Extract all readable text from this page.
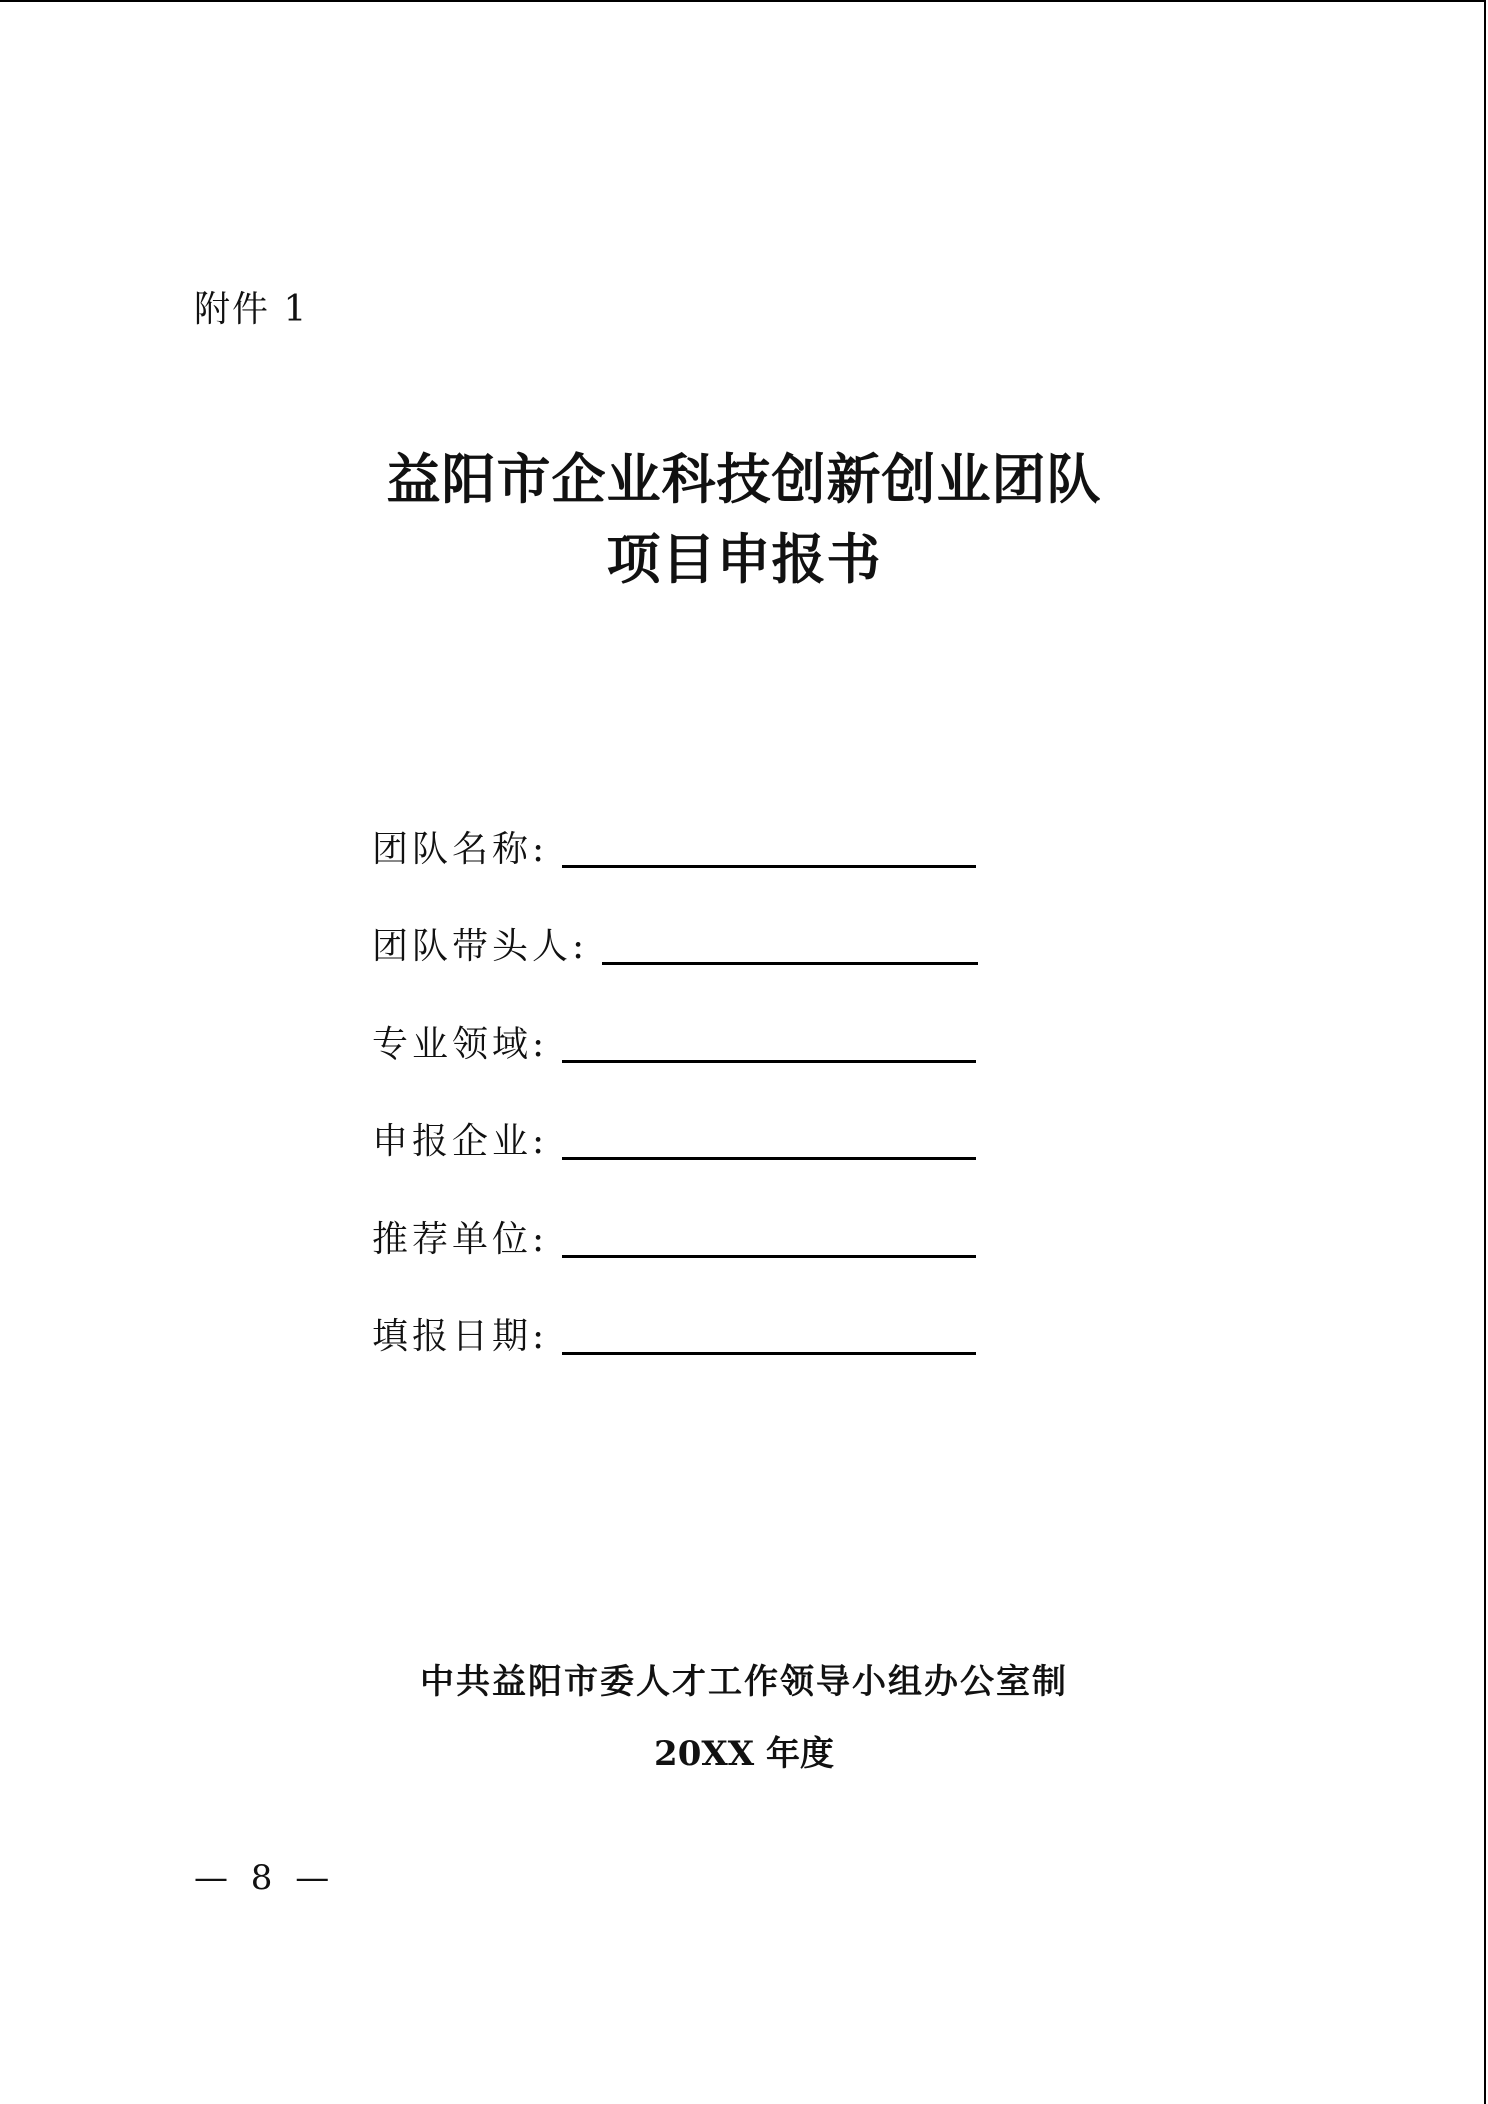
附件 1
益阳市企业科技创新创业团队
项目申报书
团队名称:
团队带头人:
专业领域:
申报企业:
推荐单位:
填报日期:
中共益阳市委人才工作领导小组办公室制
20XX 年度
— 8 —
